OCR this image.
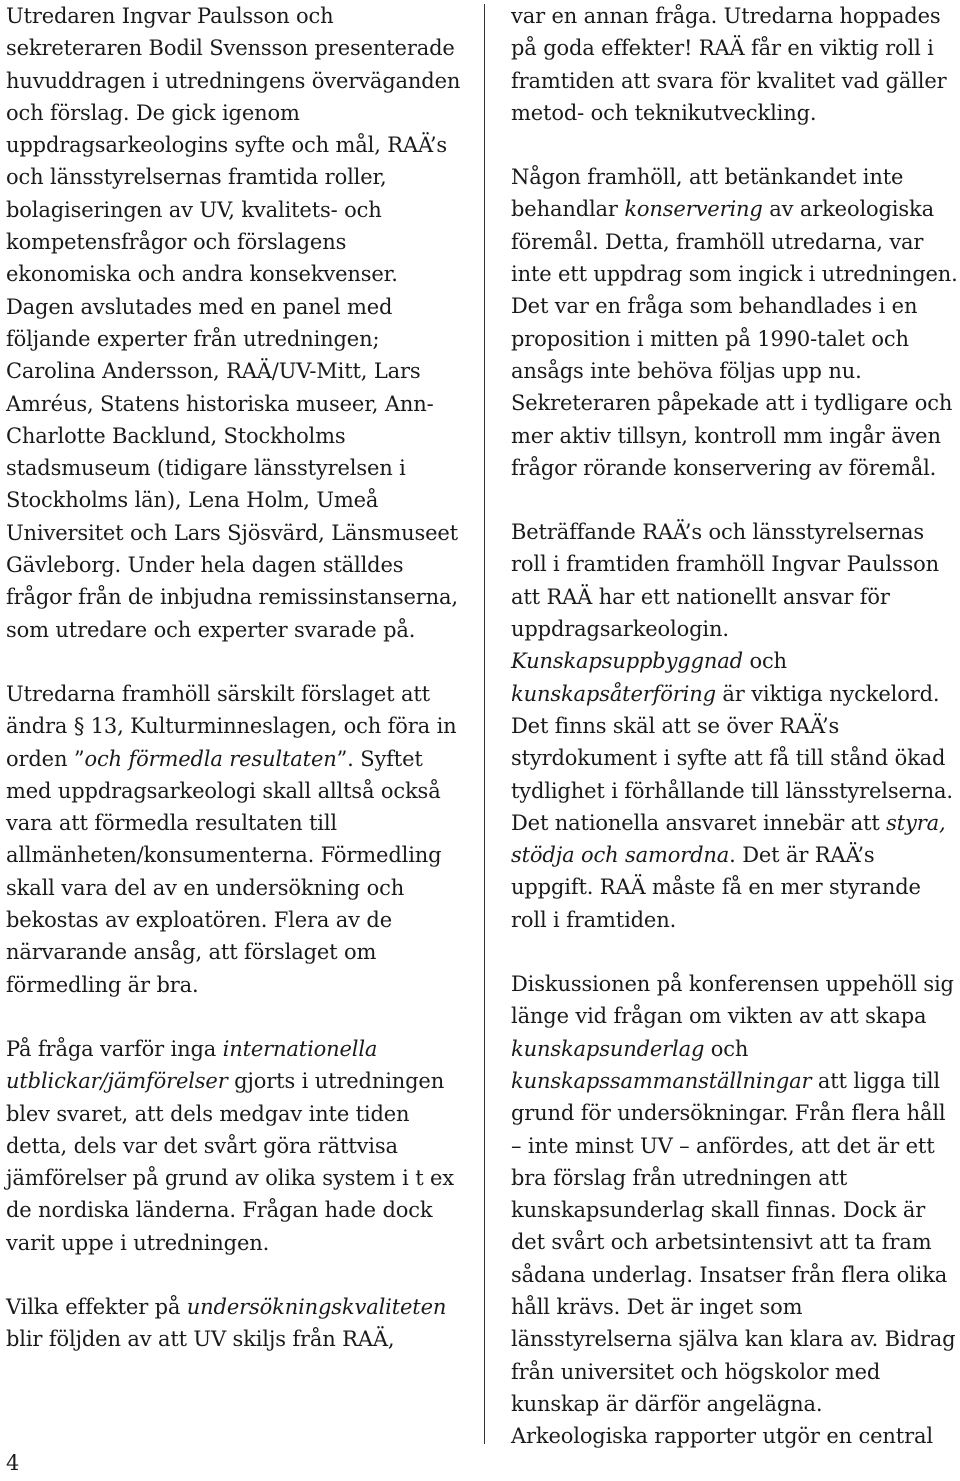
Utredaren Ingvar Paulsson och sekreteraren Bodil Svensson presenterade huvuddragen i utredningens överväganden och förslag. De gick igenom uppdragsarkeologins syfte och mål, RAÄ’s och länsstyrelsernas framtida roller, bolagiseringen av UV, kvalitets- och kompetensfrågor och förslagens ekonomiska och andra konsekvenser. Dagen avslutades med en panel med följande experter från utredningen; Carolina Andersson, RAÄ/UV-Mitt, Lars Amréus, Statens historiska museer, Ann-Charlotte Backlund, Stockholms stadsmuseum (tidigare länsstyrelsen i Stockholms län), Lena Holm, Umeå Universitet och Lars Sjösvärd, Länsmuseet Gävleborg. Under hela dagen ställdes frågor från de inbjudna remissinstanserna, som utredare och experter svarade på.

Utredarna framhöll särskilt förslaget att ändra § 13, Kulturminneslagen, och föra in orden ”och förmedla resultaten”. Syftet med uppdragsarkeologi skall alltså också vara att förmedla resultaten till allmänheten/konsumenterna. Förmedling skall vara del av en undersökning och bekostas av exploatören. Flera av de närvarande ansåg, att förslaget om förmedling är bra.

På fråga varför inga internationella utblickar/jämförelser gjorts i utredningen blev svaret, att dels medgav inte tiden detta, dels var det svårt göra rättvisa jämförelser på grund av olika system i t ex de nordiska länderna. Frågan hade dock varit uppe i utredningen.

Vilka effekter på undersökningskvaliteten blir följden av att UV skiljs från RAÄ,

var en annan fråga. Utredarna hoppades på goda effekter! RAÄ får en viktig roll i framtiden att svara för kvalitet vad gäller metod- och teknikutveckling.

Någon framhöll, att betänkandet inte behandlar konservering av arkeologiska föremål. Detta, framhöll utredarna, var inte ett uppdrag som ingick i utredningen. Det var en fråga som behandlades i en proposition i mitten på 1990-talet och ansågs inte behöva följas upp nu. Sekreteraren påpekade att i tydligare och mer aktiv tillsyn, kontroll mm ingår även frågor rörande konservering av föremål.

Beträffande RAÄ’s och länsstyrelsernas roll i framtiden framhöll Ingvar Paulsson att RAÄ har ett nationellt ansvar för uppdragsarkeologin. Kunskapsuppbyggnad och kunskapsåterföring är viktiga nyckelord. Det finns skäl att se över RAÄ’s styrdokument i syfte att få till stånd ökad tydlighet i förhållande till länsstyrelserna. Det nationella ansvaret innebär att styra, stödja och samordna. Det är RAÄ’s uppgift. RAÄ måste få en mer styrande roll i framtiden.

Diskussionen på konferensen uppehöll sig länge vid frågan om vikten av att skapa kunskapsunderlag och kunskapssammanställningar att ligga till grund för undersökningar. Från flera håll – inte minst UV – anfördes, att det är ett bra förslag från utredningen att kunskapsunderlag skall finnas. Dock är det svårt och arbetsintensivt att ta fram sådana underlag. Insatser från flera olika håll krävs. Det är inget som länsstyrelserna själva kan klara av. Bidrag från universitet och högskolor med kunskap är därför angelägna. Arkeologiska rapporter utgör en central

4
